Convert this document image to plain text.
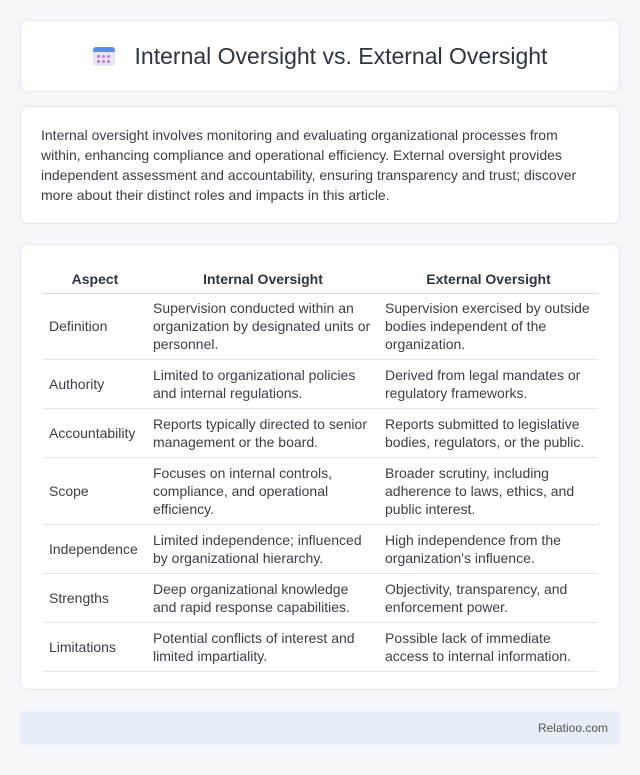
Internal Oversight vs. External Oversight

Internal oversight involves monitoring and evaluating organizational processes from within, enhancing compliance and operational efficiency. External oversight provides independent assessment and accountability, ensuring transparency and trust; discover more about their distinct roles and impacts in this article.

Aspect	Internal Oversight	External Oversight
Definition	Supervision conducted within an organization by designated units or personnel.	Supervision exercised by outside bodies independent of the organization.
Authority	Limited to organizational policies and internal regulations.	Derived from legal mandates or regulatory frameworks.
Accountability	Reports typically directed to senior management or the board.	Reports submitted to legislative bodies, regulators, or the public.
Scope	Focuses on internal controls, compliance, and operational efficiency.	Broader scrutiny, including adherence to laws, ethics, and public interest.
Independence	Limited independence; influenced by organizational hierarchy.	High independence from the organization's influence.
Strengths	Deep organizational knowledge and rapid response capabilities.	Objectivity, transparency, and enforcement power.
Limitations	Potential conflicts of interest and limited impartiality.	Possible lack of immediate access to internal information.
Relatioo.com
